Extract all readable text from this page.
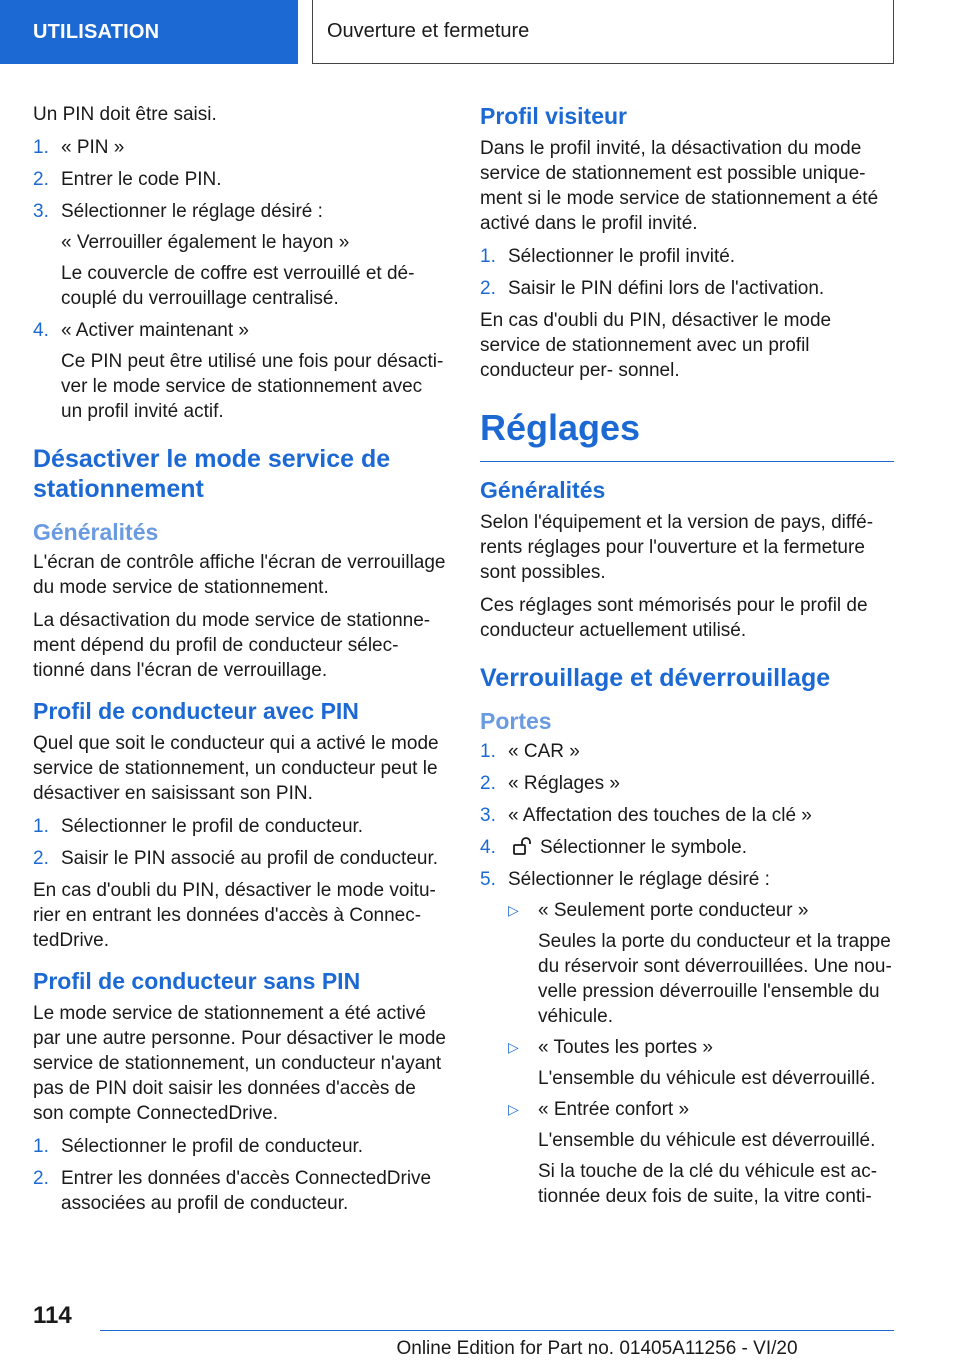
UTILISATION	Ouverture et fermeture

Un PIN doit être saisi.

1. « PIN »
2. Entrer le code PIN.
3. Sélectionner le réglage désiré :
« Verrouiller également le hayon »
Le couvercle de coffre est verrouillé et dé- couplé du verrouillage centralisé.
4. « Activer maintenant »
Ce PIN peut être utilisé une fois pour désacti- ver le mode service de stationnement avec un profil invité actif.
Désactiver le mode service de stationnement
Généralités

L'écran de contrôle affiche l'écran de verrouillage du mode service de stationnement.

La désactivation du mode service de stationne- ment dépend du profil de conducteur sélec- tionné dans l'écran de verrouillage.

Profil de conducteur avec PIN

Quel que soit le conducteur qui a activé le mode service de stationnement, un conducteur peut le désactiver en saisissant son PIN.

1. Sélectionner le profil de conducteur.
2. Saisir le PIN associé au profil de conducteur.

En cas d'oubli du PIN, désactiver le mode voitu- rier en entrant les données d'accès à Connec- tedDrive.

Profil de conducteur sans PIN

Le mode service de stationnement a été activé par une autre personne. Pour désactiver le mode service de stationnement, un conducteur n'ayant pas de PIN doit saisir les données d'accès de son compte ConnectedDrive.

1. Sélectionner le profil de conducteur.
2. Entrer les données d'accès ConnectedDrive associées au profil de conducteur.
Profil visiteur

Dans le profil invité, la désactivation du mode service de stationnement est possible unique- ment si le mode service de stationnement a été activé dans le profil invité.

1. Sélectionner le profil invité.
2. Saisir le PIN défini lors de l'activation.

En cas d'oubli du PIN, désactiver le mode service de stationnement avec un profil conducteur per- sonnel.

Réglages
Généralités

Selon l'équipement et la version de pays, diffé- rents réglages pour l'ouverture et la fermeture sont possibles.

Ces réglages sont mémorisés pour le profil de conducteur actuellement utilisé.

Verrouillage et déverrouillage
Portes
1. « CAR »
2. « Réglages »
3. « Affectation des touches de la clé »
4.	Sélectionner le symbole.
5. Sélectionner le réglage désiré :
▷	« Seulement porte conducteur »
Seules la porte du conducteur et la trappe du réservoir sont déverrouillées. Une nou- velle pression déverrouille l'ensemble du véhicule.
▷	« Toutes les portes »
L'ensemble du véhicule est déverrouillé.
▷	« Entrée confort »
L'ensemble du véhicule est déverrouillé.
Si la touche de la clé du véhicule est ac- tionnée deux fois de suite, la vitre conti-
114
Online Edition for Part no. 01405A11256 - VI/20
